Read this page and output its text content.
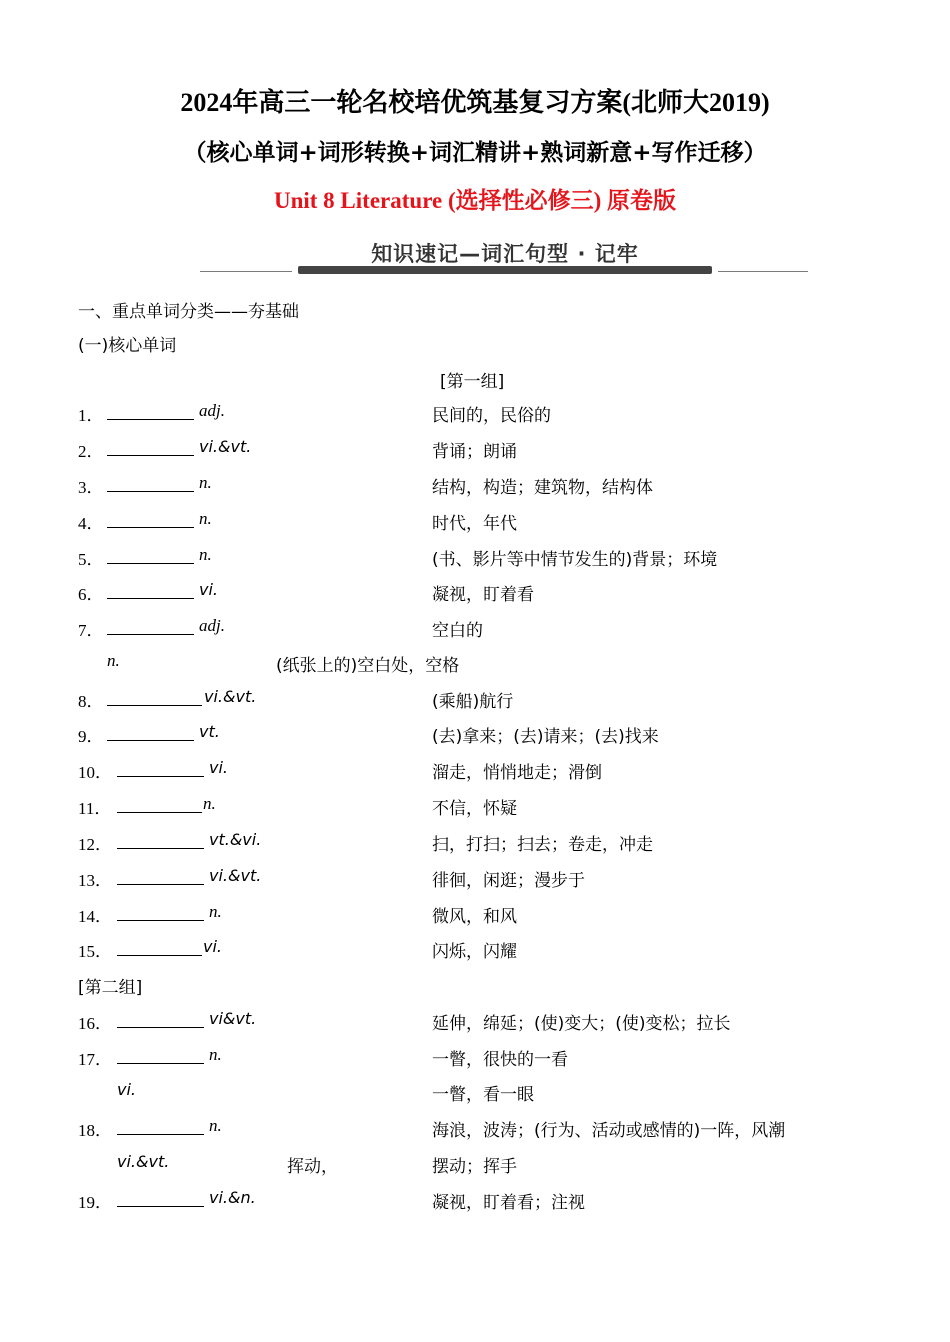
2024年高三一轮名校培优筑基复习方案(北师大2019)
（核心单词+词形转换+词汇精讲+熟词新意+写作迁移）
Unit 8 Literature (选择性必修三) 原卷版
知识速记—词汇句型 · 记牢
一、重点单词分类——夯基础
(一)核心单词
[第一组]
1．	adj.	民间的，民俗的
2．	vi.&vt.	背诵；朗诵
3．	n.	结构，构造；建筑物，结构体
4．	n.	时代，年代
5．	n.	(书、影片等中情节发生的)背景；环境
6．	vi.	凝视，盯着看
7．	adj.	空白的
n.	(纸张上的)空白处，空格
8．	vi.&vt.	(乘船)航行
9．	vt.	(去)拿来；(去)请来；(去)找来
10．	vi.	溜走，悄悄地走；滑倒
11．	n.	不信，怀疑
12．	vt.&vi.	扫，打扫；扫去；卷走，冲走
13．	vi.&vt.	徘徊，闲逛；漫步于
14．	n.	微风，和风
15．	vi.	闪烁，闪耀
[第二组]
16．	vi&vt.	延伸，绵延；(使)变大；(使)变松；拉长
17．	n.	一瞥，很快的一看
vi.	一瞥，看一眼
18．	n.	海浪，波涛；(行为、活动或感情的)一阵，风潮
vi.&vt.	挥动，	摆动；挥手
19．	vi.&n.	凝视，盯着看；注视
